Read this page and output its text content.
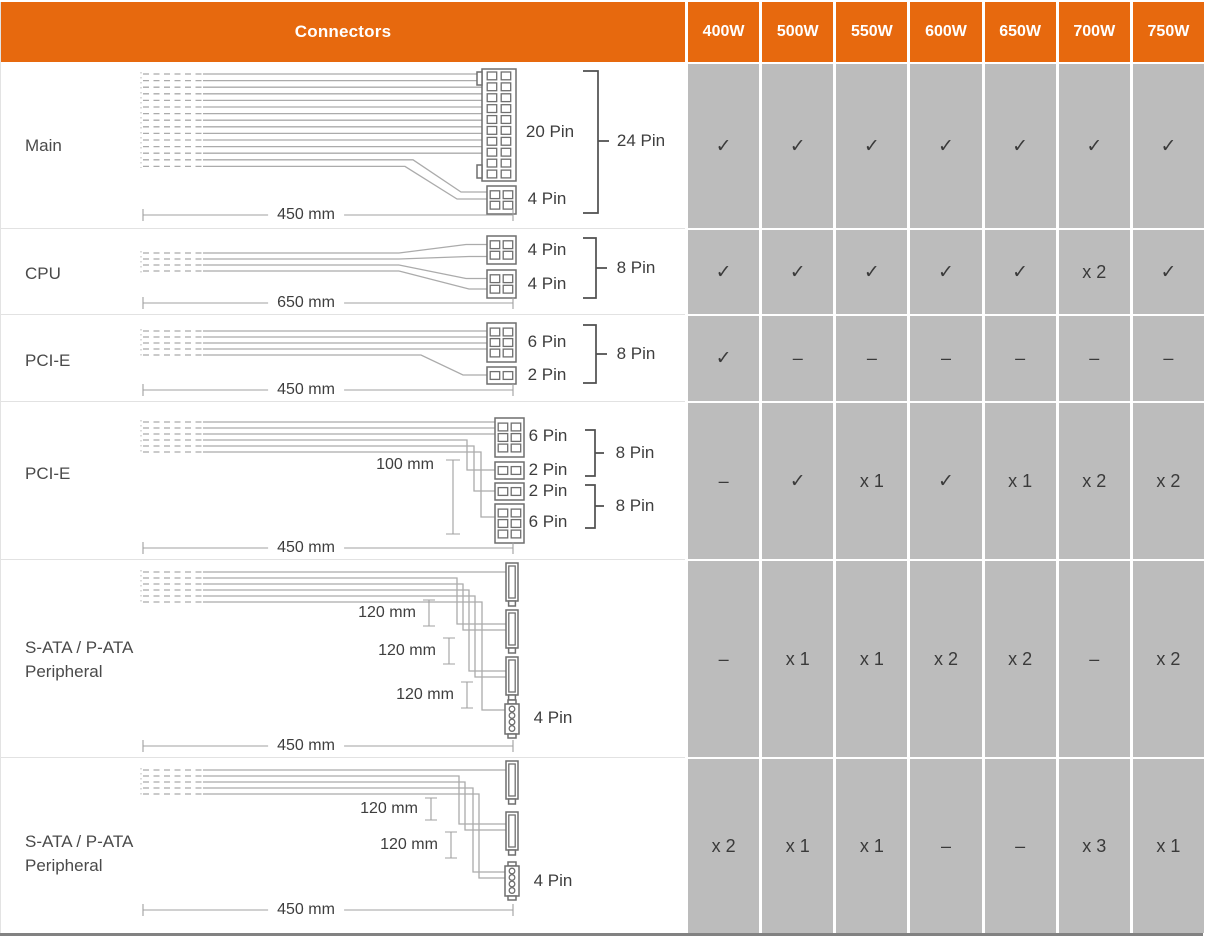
Connectors	400W	500W	550W	600W	650W	700W	750W
Main
20 Pin
4 Pin
24 Pin
450 mm
✓	✓	✓	✓	✓	✓	✓
CPU
4 Pin
4 Pin
8 Pin
650 mm
✓	✓	✓	✓	✓	x 2	✓
PCI-E
6 Pin
2 Pin
8 Pin
450 mm
✓	–	–	–	–	–	–
PCI-E
6 Pin
2 Pin
2 Pin
6 Pin
8 Pin
8 Pin
100 mm
450 mm
–	✓	x 1	✓	x 1	x 2	x 2
S-ATA / P-ATA
Peripheral
120 mm
120 mm
120 mm
4 Pin
450 mm
–	x 1	x 1	x 2	x 2	–	x 2
S-ATA / P-ATA
Peripheral
120 mm
120 mm
4 Pin
450 mm
x 2	x 1	x 1	–	–	x 3	x 1
